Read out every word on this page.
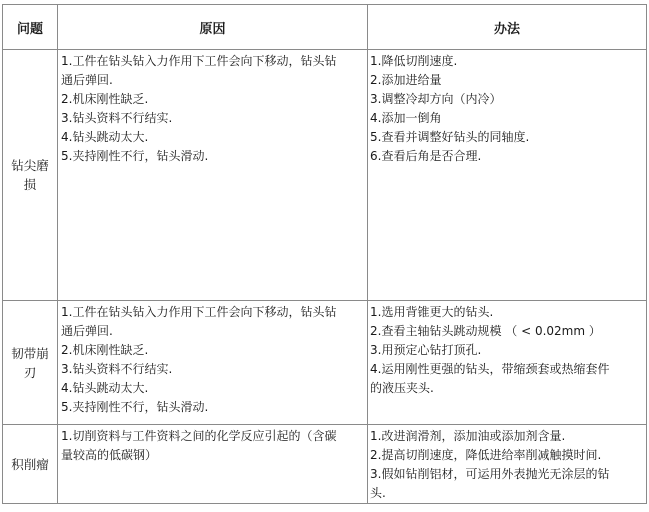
问题	原因	办法
钻尖磨
损
1.工件在钻头钻入力作用下工件会向下移动，钻头钻
通后弹回.
2.机床刚性缺乏.
3.钻头资料不行结实.
4.钻头跳动太大.
5.夹持刚性不行，钻头滑动.
1.降低切削速度.
2.添加进给量
3.调整冷却方向（内冷）
4.添加一倒角
5.查看并调整好钻头的同轴度.
6.查看后角是否合理.
韧带崩
刃
1.工件在钻头钻入力作用下工件会向下移动，钻头钻
通后弹回.
2.机床刚性缺乏.
3.钻头资料不行结实.
4.钻头跳动太大.
5.夹持刚性不行，钻头滑动.
1.选用背锥更大的钻头.
2.查看主轴钻头跳动规模 （ < 0.02mm ）
3.用预定心钻打顶孔.
4.运用刚性更强的钻头，带缩颈套或热缩套件
的液压夹头.
积削瘤
1.切削资料与工件资料之间的化学反应引起的（含碳
量较高的低碳钢）
1.改进润滑剂，添加油或添加剂含量.
2.提高切削速度，降低进给率削减触摸时间.
3.假如钻削铝材，可运用外表抛光无涂层的钻
头.
